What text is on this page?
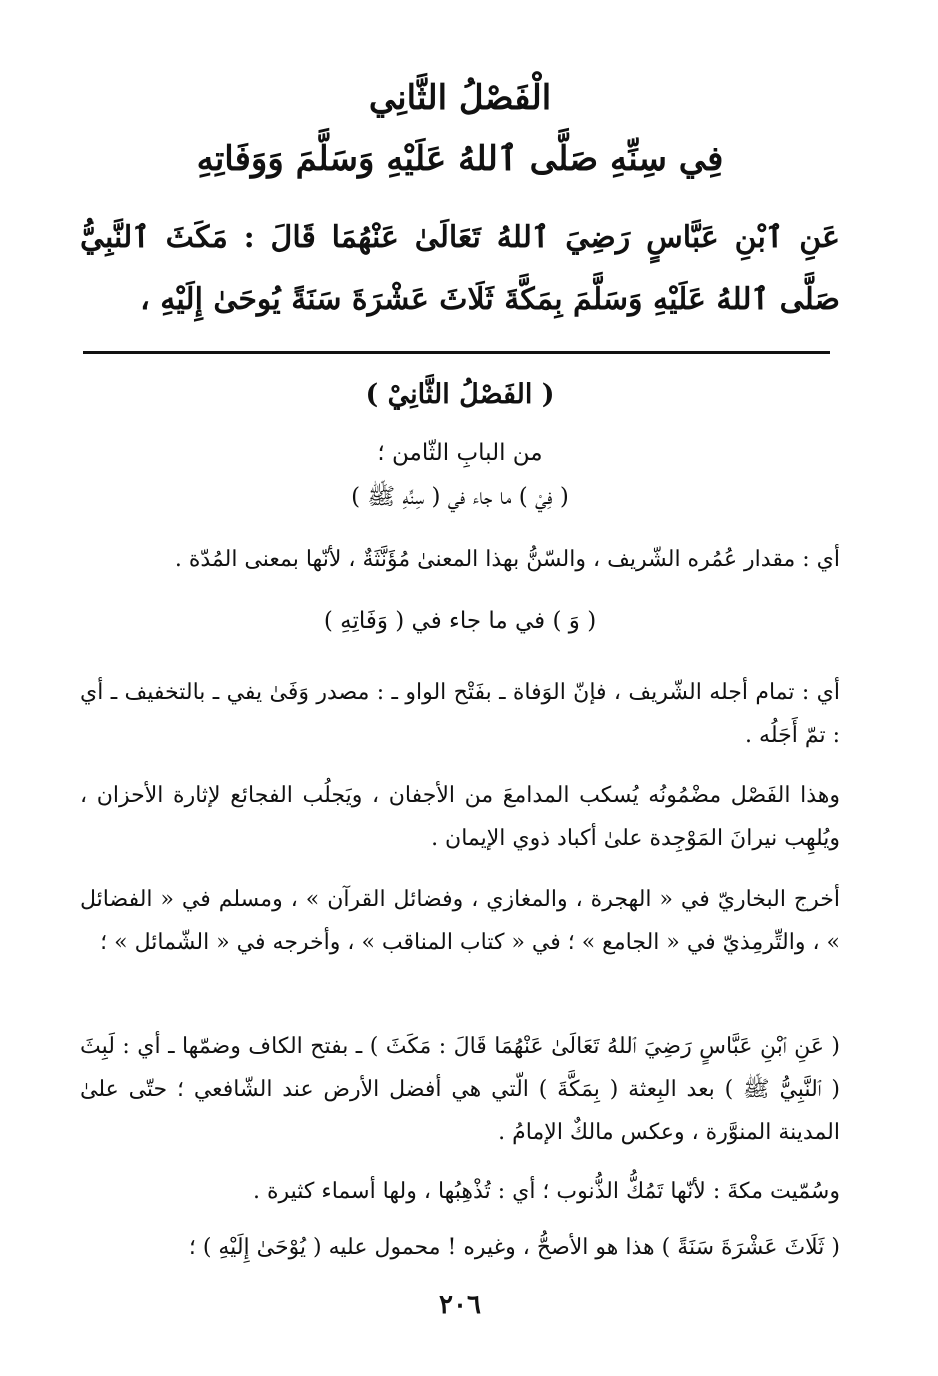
الْفَصْلُ الثَّانِي
فِي سِنِّهِ صَلَّى ٱللهُ عَلَيْهِ وَسَلَّمَ وَوَفَاتِهِ
عَنِ ٱبْنِ عَبَّاسٍ رَضِيَ ٱللهُ تَعَالَىٰ عَنْهُمَا قَالَ : مَكَثَ ٱلنَّبِيُّ صَلَّى ٱللهُ عَلَيْهِ وَسَلَّمَ بِمَكَّةَ ثَلَاثَ عَشْرَةَ سَنَةً يُوحَىٰ إِلَيْهِ ،
( الفَصْلُ الثَّانِيْ )
من البابِ الثّامن ؛
( فِيْ ) ما جاء في ( سِنِّهِ ﷺ )
أي : مقدار عُمُره الشّريف ، والسّنُّ بهذا المعنىٰ مُؤَنَّثَةٌ ، لأنّها بمعنى المُدّة .
( وَ ) في ما جاء في ( وَفَاتِهِ )
أي : تمام أجله الشّريف ، فإنّ الوَفاة ـ بفَتْح الواو ـ : مصدر وَفَىٰ يفي ـ بالتخفيف ـ أي : تمّ أَجَلُه .
وهذا الفَصْل مضْمُونُه يُسكب المدامعَ من الأجفان ، ويَجلُب الفجائع لإثارة الأحزان ، ويُلهِب نيرانَ المَوْجِدة علىٰ أكباد ذوي الإيمان .
أخرج البخاريّ في « الهجرة ، والمغازي ، وفضائل القرآن » ، ومسلم في « الفضائل » ، والتِّرمِذيّ في « الجامع » ؛ في « كتاب المناقب » ، وأخرجه في « الشّمائل » ؛
( عَنِ ٱبْنِ عَبَّاسٍ رَضِيَ ٱللهُ تَعَالَىٰ عَنْهُمَا قَالَ : مَكَثَ ) ـ بفتح الكاف وضمّها ـ أي : لَبِثَ ( ٱلنَّبِيُّ ﷺ ) بعد البِعثة ( بِمَكَّةَ ) الّتي هي أفضل الأرض عند الشّافعي ؛ حتّى علىٰ المدينة المنوَّرة ، وعكس مالكٌ الإمامُ .
وسُمّيت مكةَ : لأنّها تَمُكُّ الذُّنوب ؛ أي : تُذْهِبُها ، ولها أسماء كثيرة .
( ثَلَاثَ عَشْرَةَ سَنَةً ) هذا هو الأصحُّ ، وغيره ! محمول عليه ( يُوْحَىٰ إِلَيْهِ ) ؛
٢٠٦
